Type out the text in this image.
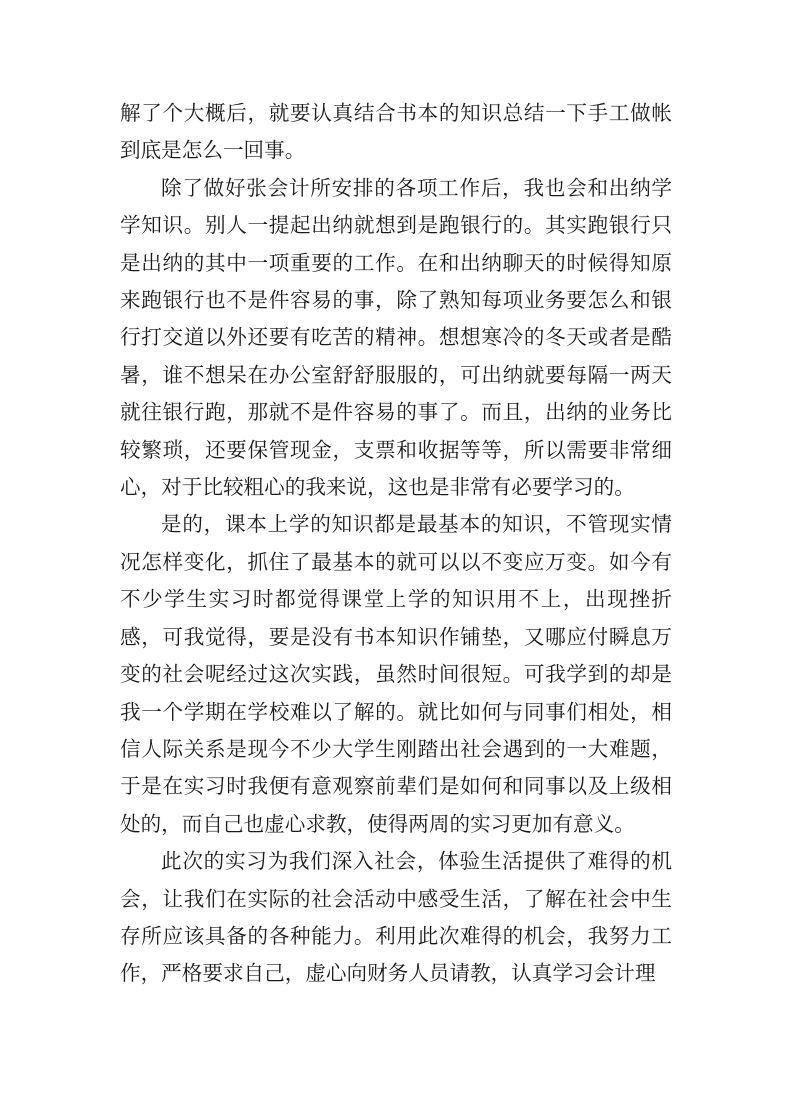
解了个大概后，就要认真结合书本的知识总结一下手工做帐到底是怎么一回事。

除了做好张会计所安排的各项工作后，我也会和出纳学学知识。别人一提起出纳就想到是跑银行的。其实跑银行只是出纳的其中一项重要的工作。在和出纳聊天的时候得知原来跑银行也不是件容易的事，除了熟知每项业务要怎么和银行打交道以外还要有吃苦的精神。想想寒冷的冬天或者是酷暑，谁不想呆在办公室舒舒服服的，可出纳就要每隔一两天就往银行跑，那就不是件容易的事了。而且，出纳的业务比较繁琐，还要保管现金，支票和收据等等，所以需要非常细心，对于比较粗心的我来说，这也是非常有必要学习的。

是的，课本上学的知识都是最基本的知识，不管现实情况怎样变化，抓住了最基本的就可以以不变应万变。如今有不少学生实习时都觉得课堂上学的知识用不上，出现挫折感，可我觉得，要是没有书本知识作铺垫，又哪应付瞬息万变的社会呢经过这次实践，虽然时间很短。可我学到的却是我一个学期在学校难以了解的。就比如何与同事们相处，相信人际关系是现今不少大学生刚踏出社会遇到的一大难题，于是在实习时我便有意观察前辈们是如何和同事以及上级相处的，而自己也虚心求教，使得两周的实习更加有意义。

此次的实习为我们深入社会，体验生活提供了难得的机会，让我们在实际的社会活动中感受生活，了解在社会中生存所应该具备的各种能力。利用此次难得的机会，我努力工作，严格要求自己，虚心向财务人员请教，认真学习会计理
